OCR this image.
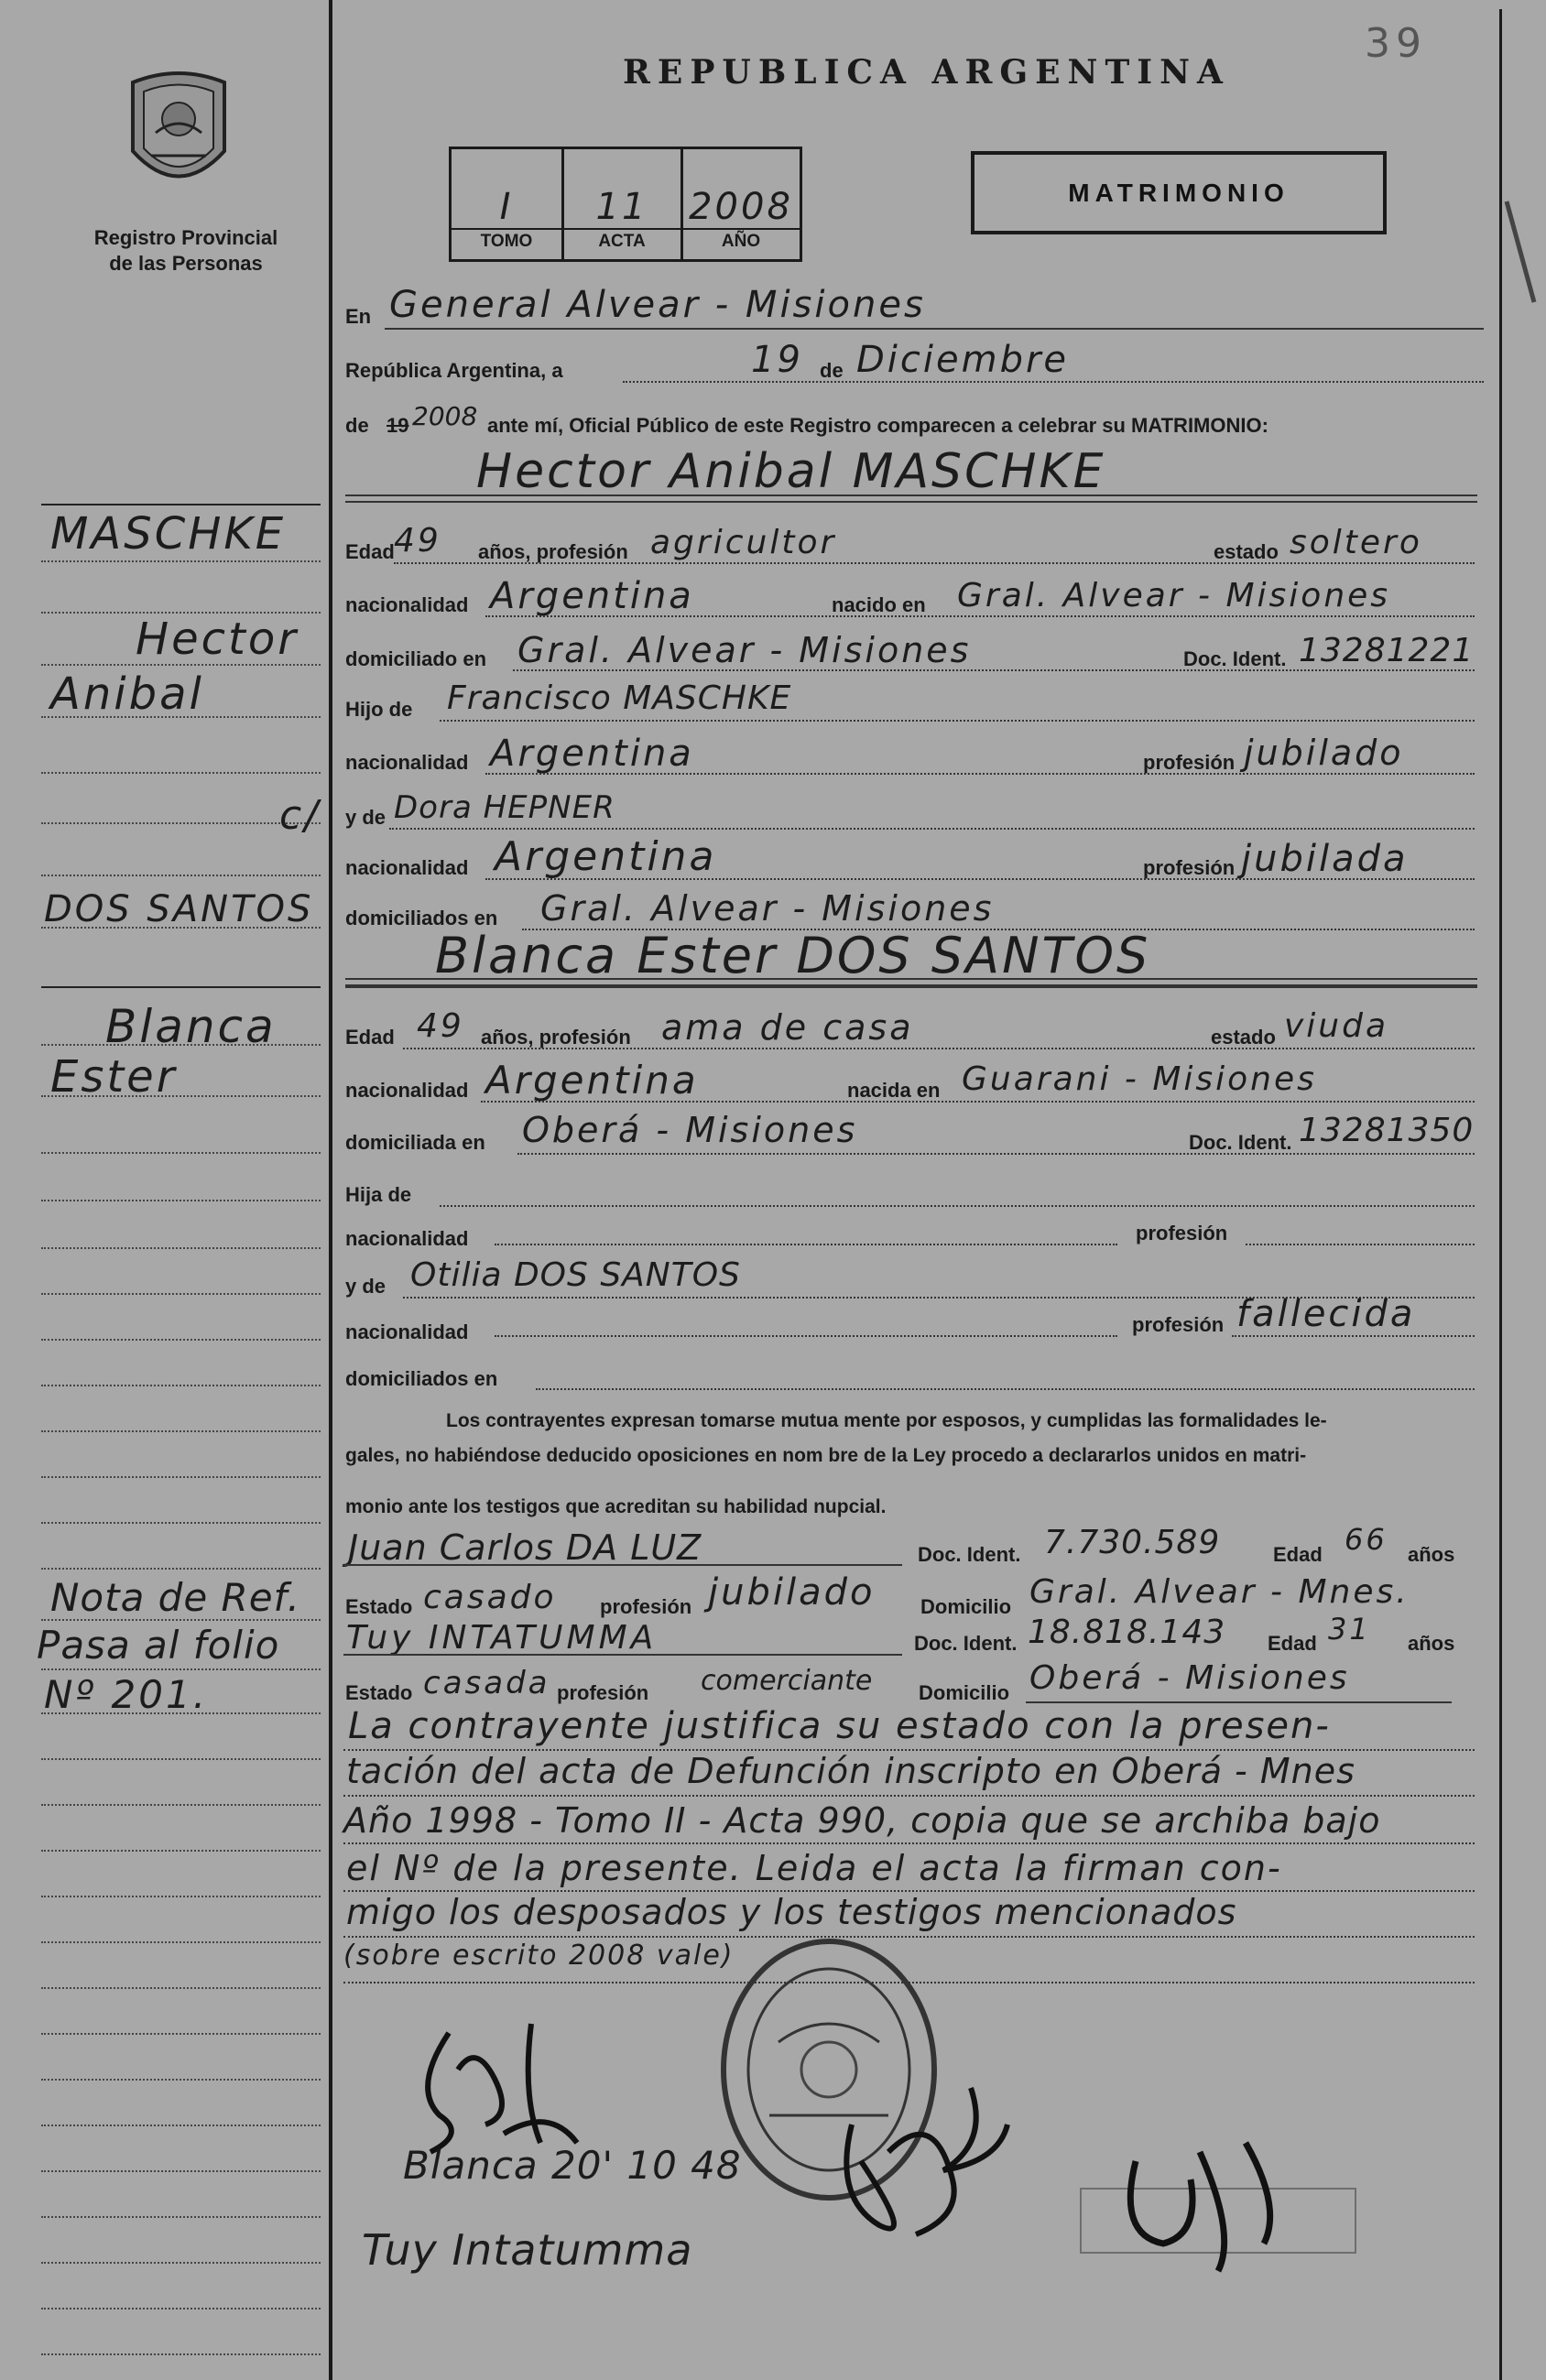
39
Registro Provincial
de las Personas
REPUBLICA ARGENTINA
I	11	2008
TOMO	ACTA	AÑO
MATRIMONIO
MASCHKE
Hector
Anibal
c/
DOS SANTOS
Blanca
Ester
Nota de Ref.
Pasa al folio
Nº 201.
En General Alvear - Misiones
República Argentina, a	19 de Diciembre
de 19 2008 ante mí, Oficial Público de este Registro comparecen a celebrar su MATRIMONIO:
Hector Anibal MASCHKE
Edad 49 años, profesión agricultor	estado soltero
nacionalidad Argentina	nacido en Gral. Alvear - Misiones
domiciliado en Gral. Alvear - Misiones	Doc. Ident. 13281221
Hijo de Francisco MASCHKE
nacionalidad Argentina	profesión jubilado
y de Dora HEPNER
nacionalidad Argentina	profesión jubilada
domiciliados en Gral. Alvear - Misiones
Blanca Ester DOS SANTOS
Edad 49 años, profesión ama de casa	estado viuda
nacionalidad Argentina	nacida en Guarani - Misiones
domiciliada en Oberá - Misiones	Doc. Ident. 13281350
Hija de
nacionalidad	profesión
y de Otilia DOS SANTOS
nacionalidad	profesión fallecida
domiciliados en
Los contrayentes expresan tomarse mutua mente por esposos, y cumplidas las formalidades le-
gales, no habiéndose deducido oposiciones en nom bre de la Ley procedo a declararlos unidos en matri-
monio ante los testigos que acreditan su habilidad nupcial.
Juan Carlos DA LUZ	Doc. Ident. 7.730.589	Edad 66 años
Estado casado profesión jubilado Domicilio Gral. Alvear - Mnes.
Tuy INTATUMMA	Doc. Ident. 18.818.143 Edad 31 años
Estado casada profesión comerciante Domicilio Oberá - Misiones
La contrayente justifica su estado con la presen-
tación del acta de Defunción inscripto en Oberá - Mnes
Año 1998 - Tomo II - Acta 990, copia que se archiba bajo
el Nº de la presente. Leida el acta la firman con-
migo los desposados y los testigos mencionados
(sobre escrito 2008 vale)
Blanca 20' 10 48
Tuy Intatumma
